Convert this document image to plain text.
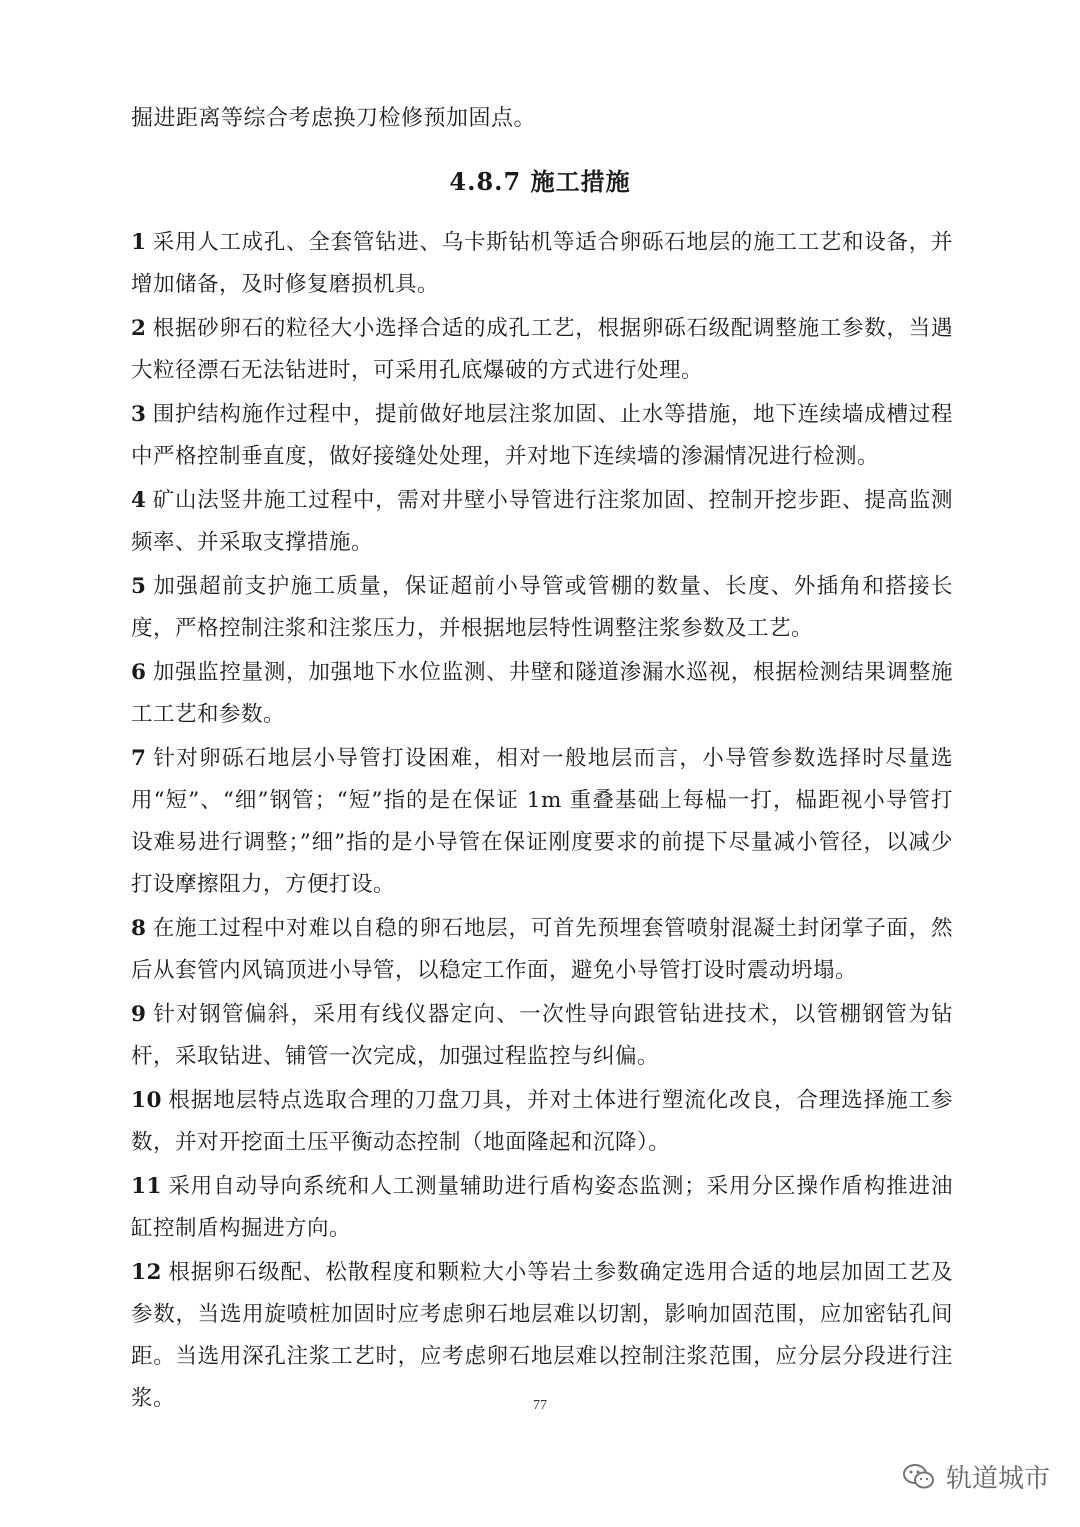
掘进距离等综合考虑换刀检修预加固点。

4.8.7 施工措施

1 采用人工成孔、全套管钻进、乌卡斯钻机等适合卵砾石地层的施工工艺和设备，并增加储备，及时修复磨损机具。

2 根据砂卵石的粒径大小选择合适的成孔工艺，根据卵砾石级配调整施工参数，当遇大粒径漂石无法钻进时，可采用孔底爆破的方式进行处理。

3 围护结构施作过程中，提前做好地层注浆加固、止水等措施，地下连续墙成槽过程中严格控制垂直度，做好接缝处处理，并对地下连续墙的渗漏情况进行检测。

4 矿山法竖井施工过程中，需对井壁小导管进行注浆加固、控制开挖步距、提高监测频率、并采取支撑措施。

5 加强超前支护施工质量，保证超前小导管或管棚的数量、长度、外插角和搭接长度，严格控制注浆和注浆压力，并根据地层特性调整注浆参数及工艺。

6 加强监控量测，加强地下水位监测、井壁和隧道渗漏水巡视，根据检测结果调整施工工艺和参数。

7 针对卵砾石地层小导管打设困难，相对一般地层而言，小导管参数选择时尽量选用“短”、“细”钢管；“短”指的是在保证 1m 重叠基础上每榀一打，榀距视小导管打设难易进行调整；”细”指的是小导管在保证刚度要求的前提下尽量减小管径，以减少打设摩擦阻力，方便打设。

8 在施工过程中对难以自稳的卵石地层，可首先预埋套管喷射混凝土封闭掌子面，然后从套管内风镐顶进小导管，以稳定工作面，避免小导管打设时震动坍塌。

9 针对钢管偏斜，采用有线仪器定向、一次性导向跟管钻进技术，以管棚钢管为钻杆，采取钻进、铺管一次完成，加强过程监控与纠偏。

10 根据地层特点选取合理的刀盘刀具，并对土体进行塑流化改良，合理选择施工参数，并对开挖面土压平衡动态控制（地面隆起和沉降）。

11 采用自动导向系统和人工测量辅助进行盾构姿态监测；采用分区操作盾构推进油缸控制盾构掘进方向。

12 根据卵石级配、松散程度和颗粒大小等岩土参数确定选用合适的地层加固工艺及参数，当选用旋喷桩加固时应考虑卵石地层难以切割，影响加固范围，应加密钻孔间距。当选用深孔注浆工艺时，应考虑卵石地层难以控制注浆范围，应分层分段进行注浆。	77
轨道城市
